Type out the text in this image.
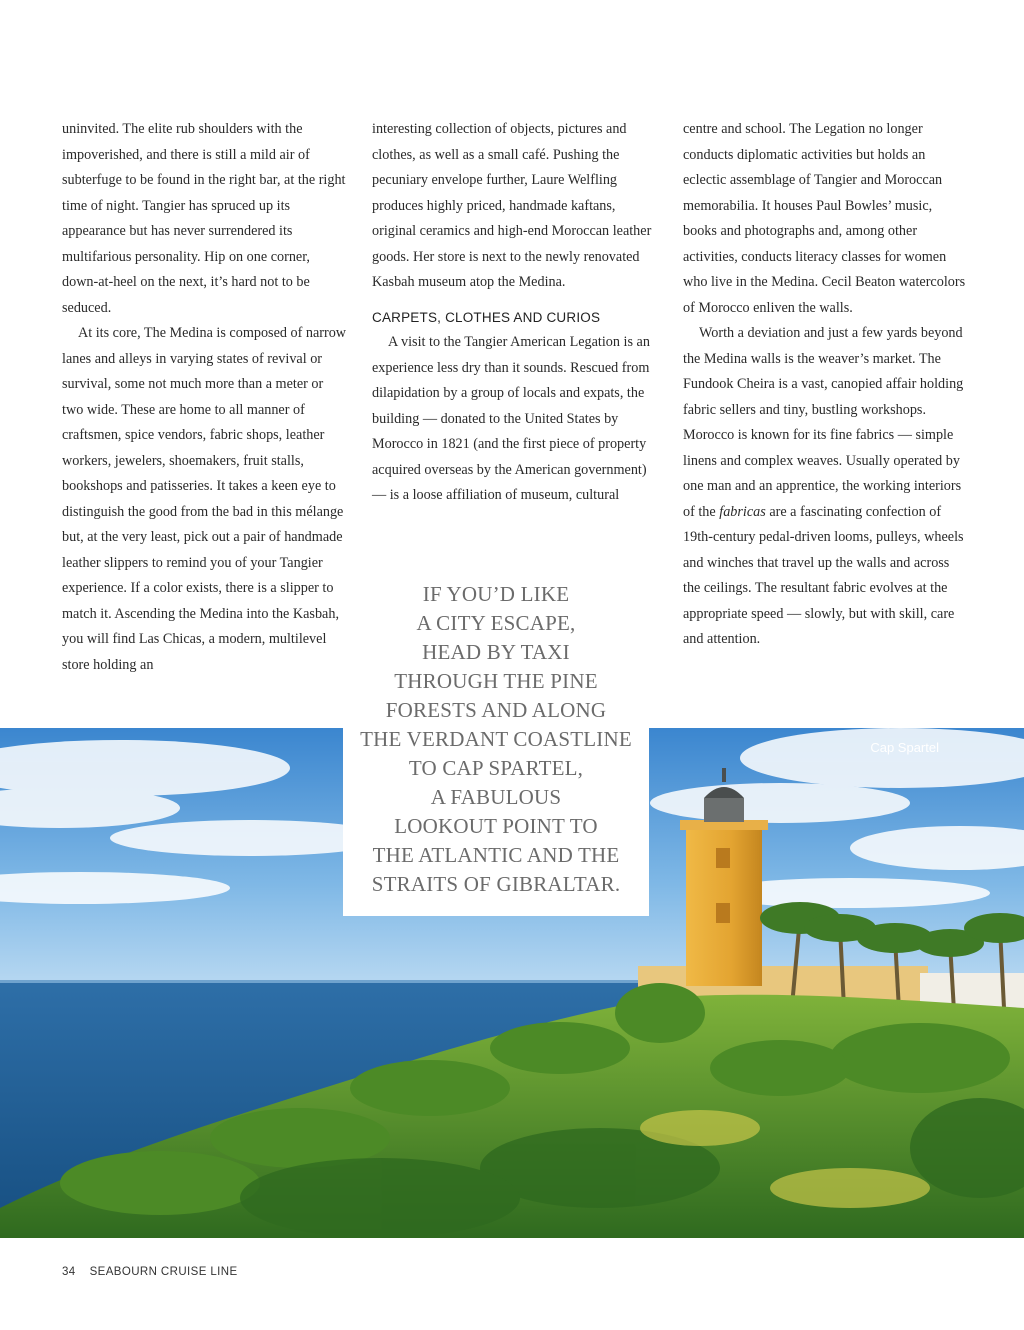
uninvited. The elite rub shoulders with the impoverished, and there is still a mild air of subterfuge to be found in the right bar, at the right time of night. Tangier has spruced up its appearance but has never surrendered its multifarious personality. Hip on one corner, down-at-heel on the next, it’s hard not to be seduced.

At its core, The Medina is composed of narrow lanes and alleys in varying states of revival or survival, some not much more than a meter or two wide. These are home to all manner of craftsmen, spice vendors, fabric shops, leather workers, jewelers, shoemakers, fruit stalls, bookshops and patisseries. It takes a keen eye to distinguish the good from the bad in this mélange but, at the very least, pick out a pair of handmade leather slippers to remind you of your Tangier experience. If a color exists, there is a slipper to match it. Ascending the Medina into the Kasbah, you will find Las Chicas, a modern, multilevel store holding an

interesting collection of objects, pictures and clothes, as well as a small café. Pushing the pecuniary envelope further, Laure Welfling produces highly priced, handmade kaftans, original ceramics and high-end Moroccan leather goods. Her store is next to the newly renovated Kasbah museum atop the Medina.

CARPETS, CLOTHES AND CURIOS

A visit to the Tangier American Legation is an experience less dry than it sounds. Rescued from dilapidation by a group of locals and expats, the building — donated to the United States by Morocco in 1821 (and the first piece of property acquired overseas by the American government) — is a loose affiliation of museum, cultural

centre and school. The Legation no longer conducts diplomatic activities but holds an eclectic assemblage of Tangier and Moroccan memorabilia. It houses Paul Bowles’ music, books and photographs and, among other activities, conducts literacy classes for women who live in the Medina. Cecil Beaton watercolors of Morocco enliven the walls.

Worth a deviation and just a few yards beyond the Medina walls is the weaver’s market. The Fundook Cheira is a vast, canopied affair holding fabric sellers and tiny, bustling workshops. Morocco is known for its fine fabrics — simple linens and complex weaves. Usually operated by one man and an apprentice, the working interiors of the fabricas are a fascinating confection of 19th-century pedal-driven looms, pulleys, wheels and winches that travel up the walls and across the ceilings. The resultant fabric evolves at the appropriate speed — slowly, but with skill, care and attention.

Cap Spartel
IF YOU’D LIKE
A CITY ESCAPE,
HEAD BY TAXI
THROUGH THE PINE
FORESTS AND ALONG
THE VERDANT COASTLINE
TO CAP SPARTEL,
A FABULOUS
LOOKOUT POINT TO
THE ATLANTIC AND THE
STRAITS OF GIBRALTAR.
34 SEABOURN CRUISE LINE
